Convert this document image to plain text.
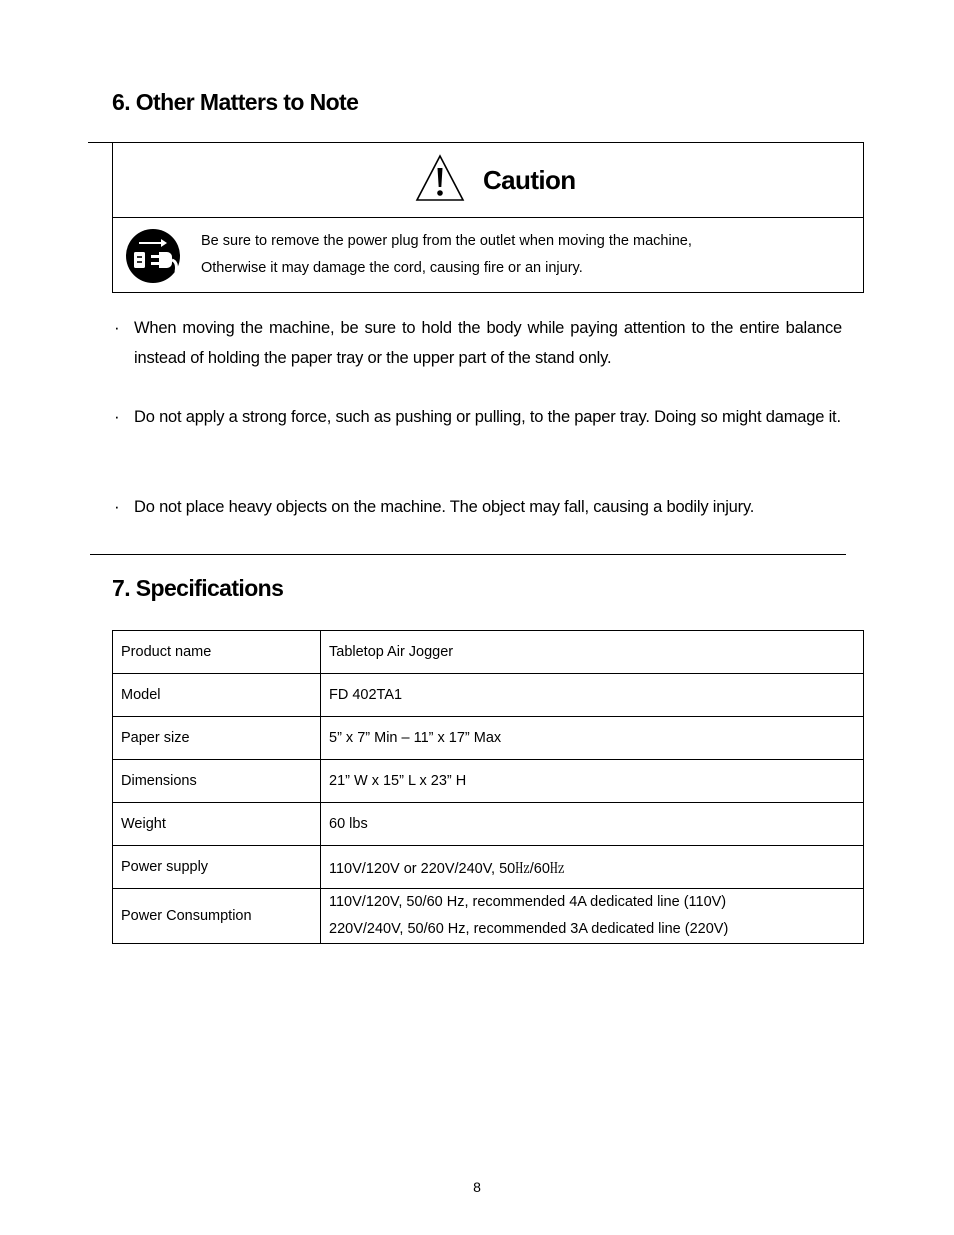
6. Other Matters to Note
Caution
Be sure to remove the power plug from the outlet when moving the machine,
Otherwise it may damage the cord, causing fire or an injury.
· When moving the machine, be sure to hold the body while paying attention to the entire balance instead of holding the paper tray or the upper part of the stand only.
· Do not apply a strong force, such as pushing or pulling, to the paper tray. Doing so might damage it.
· Do not place heavy objects on the machine. The object may fall, causing a bodily injury.
7. Specifications
Product name	Tabletop Air Jogger
Model	FD 402TA1
Paper size	5” x 7” Min – 11” x 17” Max
Dimensions	21” W x 15” L x 23” H
Weight	60 lbs
Power supply	110V/120V or 220V/240V, 50㎐/60㎐
Power Consumption	110V/120V, 50/60 Hz, recommended 4A dedicated line (110V)
220V/240V, 50/60 Hz, recommended 3A dedicated line (220V)
8
